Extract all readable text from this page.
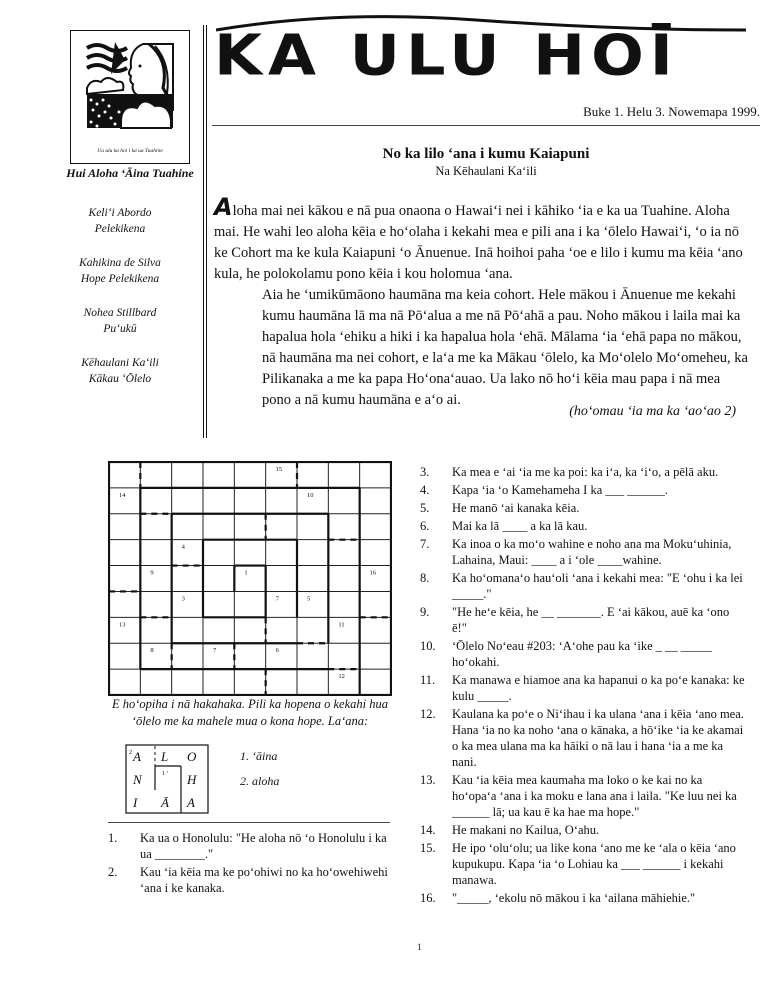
Ua ulu ka hoi i ka ua Tuahine
Hui Aloha ʻĀina Tuahine
Keliʻi Abordo
Pelekikena
Kahikina de Silva
Hope Pelekikena
Nohea Stillbard
Puʻukū
Kēhaulani Kaʻili
Kākau ʻŌlelo
KA ULU HOĪ
Buke 1. Helu 3. Nowemapa 1999.
No ka lilo ʻana i kumu Kaiapuni
Na Kēhaulani Kaʻili

Aloha mai nei kākou e nā pua onaona o Hawaiʻi nei i kāhiko ʻia e ka ua Tuahine. Aloha mai. He wahi leo aloha kēia e hoʻolaha i kekahi mea e pili ana i ka ʻōlelo Hawaiʻi, ʻo ia nō ke Cohort ma ke kula Kaiapuni ʻo Ānuenue. Inā hoihoi paha ʻoe e lilo i kumu ma kēia ʻano kula, he polokolamu pono kēia i kou holomua ʻana.

Aia he ʻumikūmāono haumāna ma keia cohort. Hele mākou i Ānuenue me kekahi kumu haumāna lā ma nā Pōʻalua a me nā Pōʻahā a pau. Noho mākou i laila mai ka hapalua hola ʻehiku a hiki i ka hapalua hola ʻehā. Mālama ʻia ʻehā papa no mākou, nā haumāna ma nei cohort, e laʻa me ka Mākau ʻōlelo, ka Moʻolelo Moʻomeheu, ka Pilikanaka a me ka papa Hoʻonaʻauao. Ua lako nō hoʻi kēia mau papa i nā mea pono a nā kumu haumāna e aʻo ai.

(hoʻomau ʻia ma ka ʻaoʻao 2)
15
14	10
4
9	1	16
3	7	5
13	11
8	7	6
12
E hoʻopiha i nā hakahaka. Pili ka hopena o kekahi hua ʻōlelo me ka mahele mua o kona hope. Laʻana:
A L O
N	H
I Ā A
2
1 ʻ
1. ʻāina
2. aloha
1. Ka ua o Honolulu: "He aloha nō ʻo Honolulu i ka ua ________."
2. Kau ʻia kēia ma ke poʻohiwi no ka hoʻowehiwehi ʻana i ke kanaka.
3. Ka mea e ʻai ʻia me ka poi: ka iʻa, ka ʻiʻo, a pēlā aku.
4. Kapa ʻia ʻo Kamehameha I ka ___ ______.
5. He manō ʻai kanaka kēia.
6. Mai ka lā ____ a ka lā kau.
7. Ka inoa o ka moʻo wahine e noho ana ma Mokuʻuhinia, Lahaina, Maui: ____ a i ʻole ____wahine.
8. Ka hoʻomanaʻo hauʻoli ʻana i kekahi mea: "E ʻohu i ka lei _____."
9. "He heʻe kēia, he __ _______. E ʻai kākou, auē ka ʻono ē!"
10. ʻŌlelo Noʻeau #203: ʻAʻohe pau ka ʻike _ __ _____ hoʻokahi.
11. Ka manawa e hiamoe ana ka hapanui o ka poʻe kanaka: ke kulu _____.
12. Kaulana ka poʻe o Niʻihau i ka ulana ʻana i kēia ʻano mea. Hana ʻia no ka noho ʻana o kānaka, a hōʻike ʻia ke akamai o ka mea ulana ma ka hāiki o nā lau i hana ʻia a me ka nani.
13. Kau ʻia kēia mea kaumaha ma loko o ke kai no ka hoʻopaʻa ʻana i ka moku e lana ana i laila. "Ke luu nei ka ______ lā; ua kau ē ka hae ma hope."
14. He makani no Kailua, Oʻahu.
15. He ipo ʻoluʻolu; ua like kona ʻano me ke ʻala o kēia ʻano kupukupu. Kapa ʻia ʻo Lohiau ka ___ ______ i kekahi manawa.
16. "_____, ʻekolu nō mākou i ka ʻailana māhiehie."
1
